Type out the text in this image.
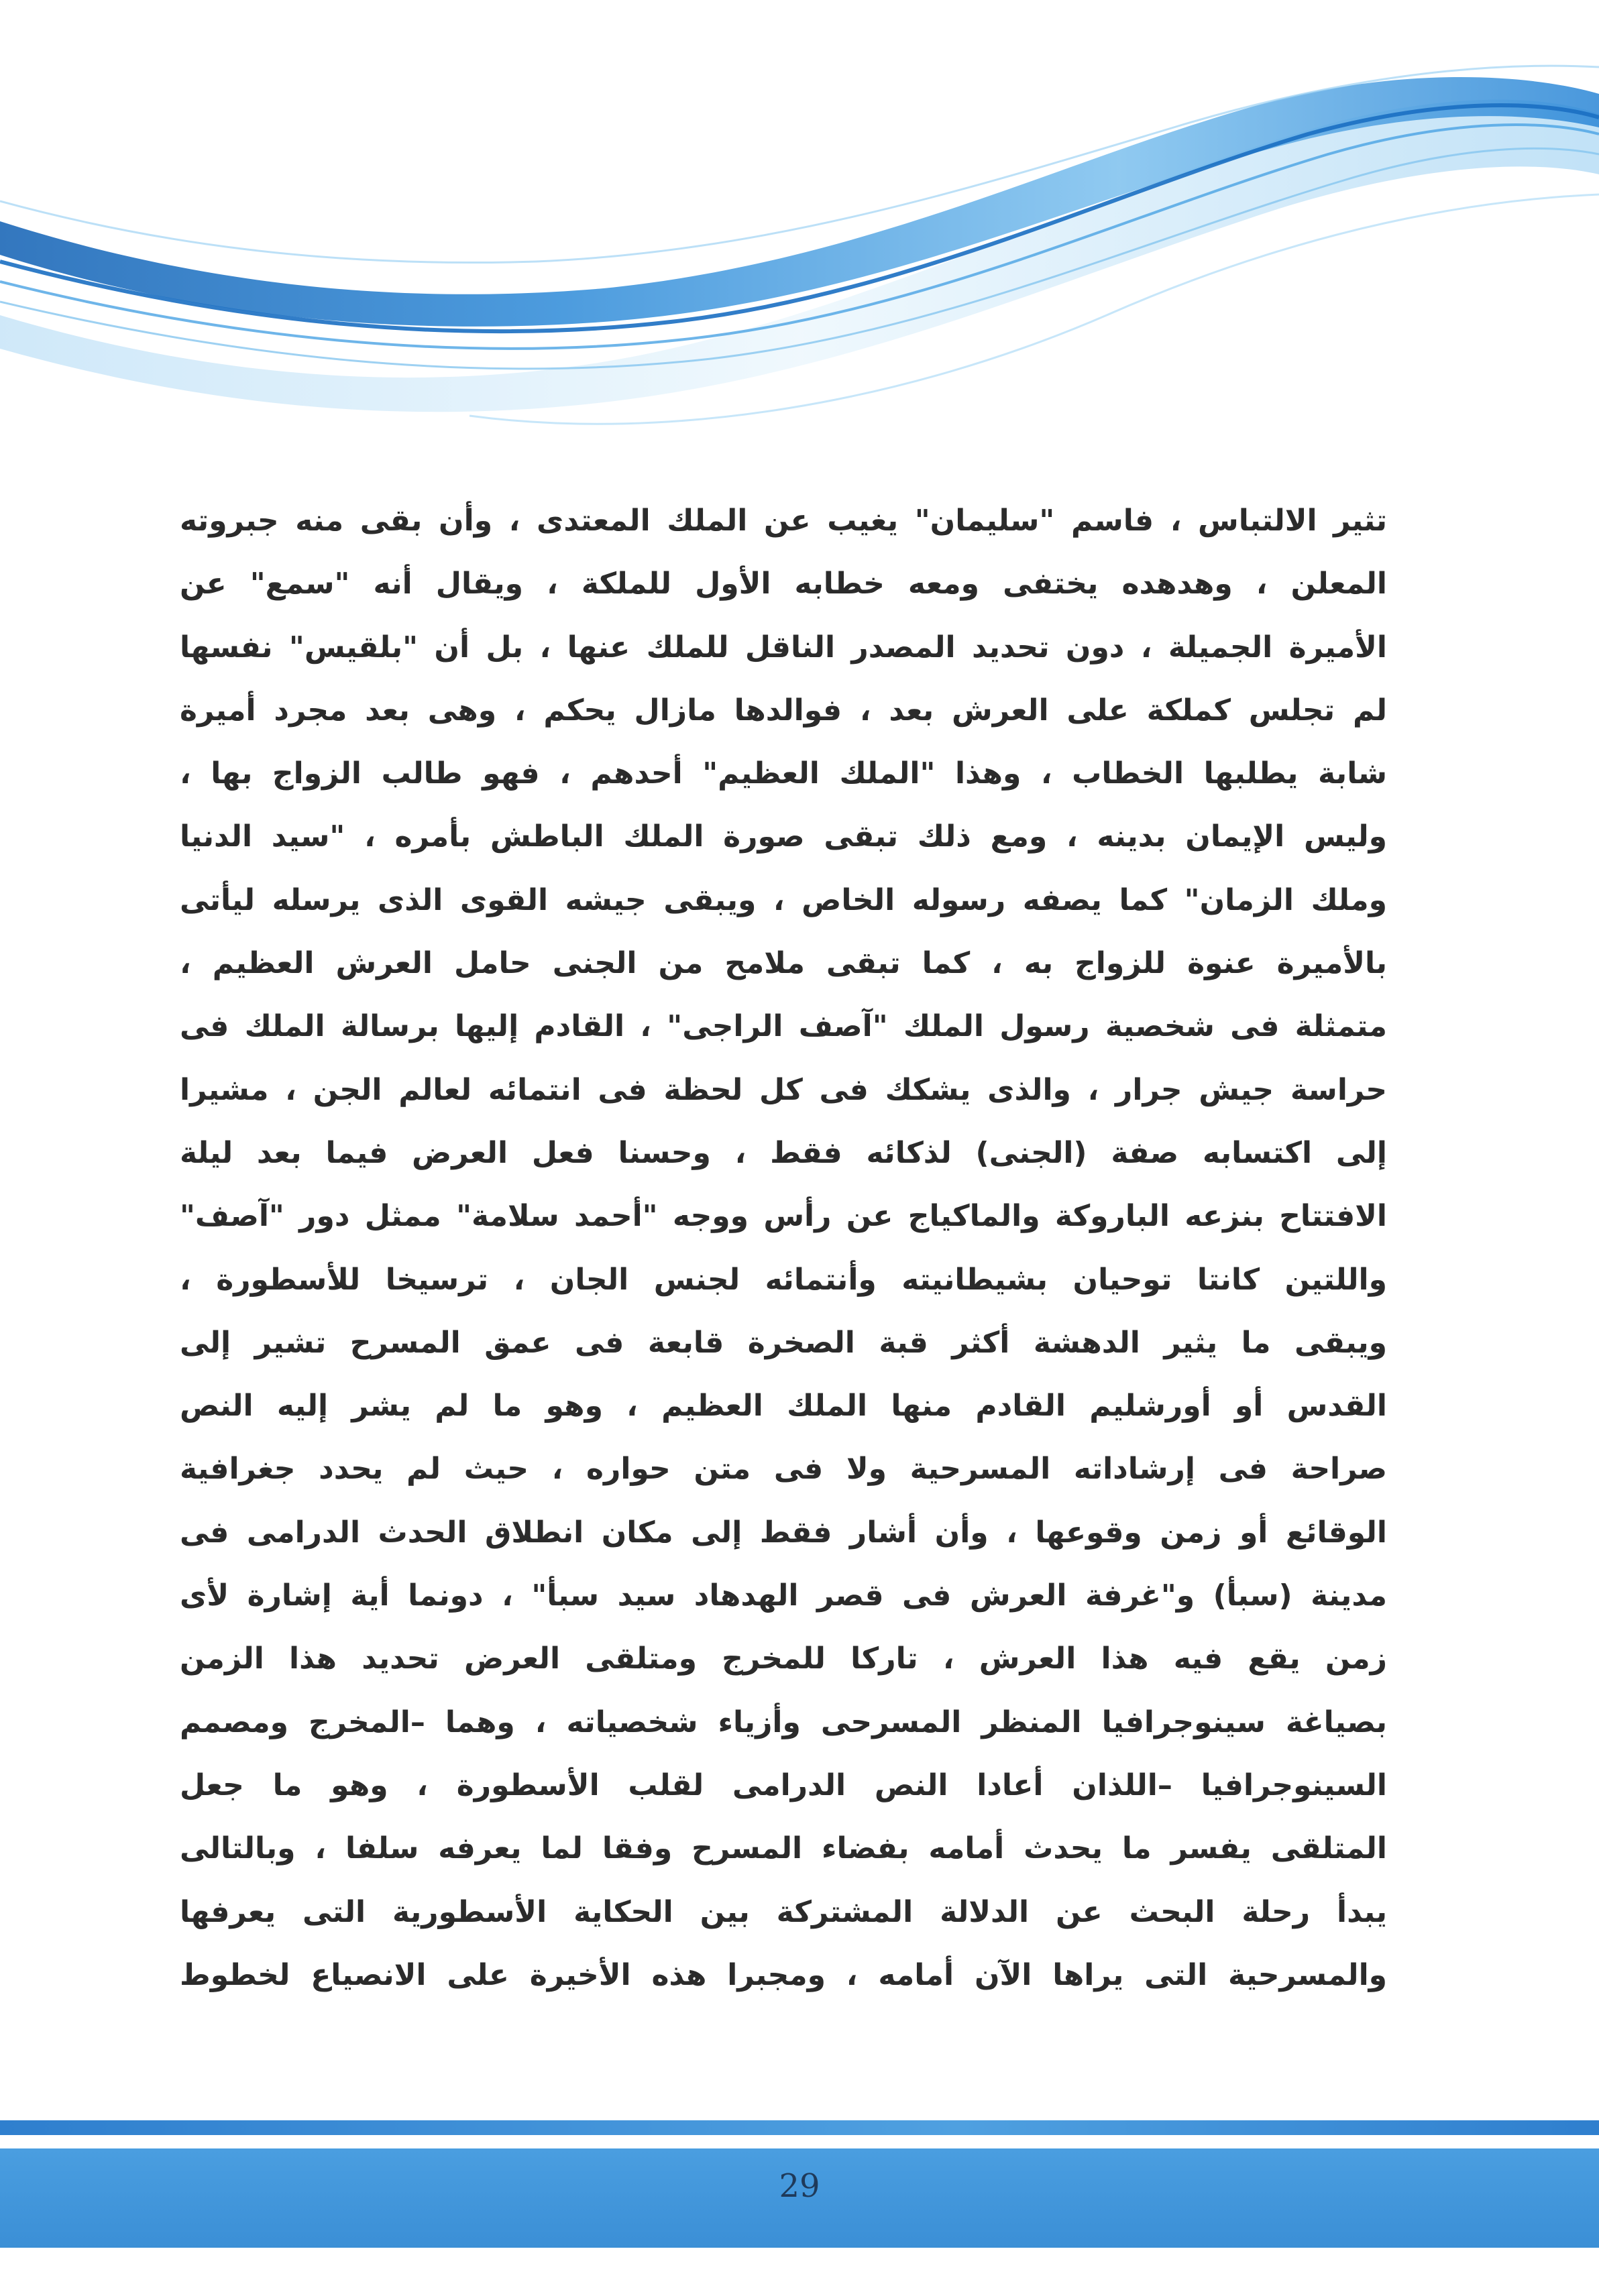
تثير الالتباس ، فاسم "سليمان" يغيب عن الملك المعتدى ، وأن بقى منه جبروته
المعلن ، وهدهده يختفى ومعه خطابه الأول للملكة ، ويقال أنه "سمع" عن
الأميرة الجميلة ، دون تحديد المصدر الناقل للملك عنها ، بل أن "بلقيس" نفسها
لم تجلس كملكة على العرش بعد ، فوالدها مازال يحكم ، وهى بعد مجرد أميرة
شابة يطلبها الخطاب ، وهذا "الملك العظيم" أحدهم ، فهو طالب الزواج بها ،
وليس الإيمان بدينه ، ومع ذلك تبقى صورة الملك الباطش بأمره ، "سيد الدنيا
وملك الزمان" كما يصفه رسوله الخاص ، ويبقى جيشه القوى الذى يرسله ليأتى
بالأميرة عنوة للزواج به ، كما تبقى ملامح من الجنى حامل العرش العظيم ،
متمثلة فى شخصية رسول الملك "آصف الراجى" ، القادم إليها برسالة الملك فى
حراسة جيش جرار ، والذى يشكك فى كل لحظة فى انتمائه لعالم الجن ، مشيرا
إلى اكتسابه صفة (الجنى) لذكائه فقط ، وحسنا فعل العرض فيما بعد ليلة
الافتتاح بنزعه الباروكة والماكياج عن رأس ووجه "أحمد سلامة" ممثل دور "آصف"
واللتين كانتا توحيان بشيطانيته وأنتمائه لجنس الجان ، ترسيخا للأسطورة ،
ويبقى ما يثير الدهشة أكثر قبة الصخرة قابعة فى عمق المسرح تشير إلى
القدس أو أورشليم القادم منها الملك العظيم ، وهو ما لم يشر إليه النص
صراحة فى إرشاداته المسرحية ولا فى متن حواره ، حيث لم يحدد جغرافية
الوقائع أو زمن وقوعها ، وأن أشار فقط إلى مكان انطلاق الحدث الدرامى فى
مدينة (سبأ) و"غرفة العرش فى قصر الهدهاد سيد سبأ" ، دونما أية إشارة لأى
زمن يقع فيه هذا العرش ، تاركا للمخرج ومتلقى العرض تحديد هذا الزمن
بصياغة سينوجرافيا المنظر المسرحى وأزياء شخصياته ، وهما –المخرج ومصمم
السينوجرافيا –اللذان أعادا النص الدرامى لقلب الأسطورة ، وهو ما جعل
المتلقى يفسر ما يحدث أمامه بفضاء المسرح وفقا لما يعرفه سلفا ، وبالتالى
يبدأ رحلة البحث عن الدلالة المشتركة بين الحكاية الأسطورية التى يعرفها
والمسرحية التى يراها الآن أمامه ، ومجبرا هذه الأخيرة على الانصياع لخطوط
29
